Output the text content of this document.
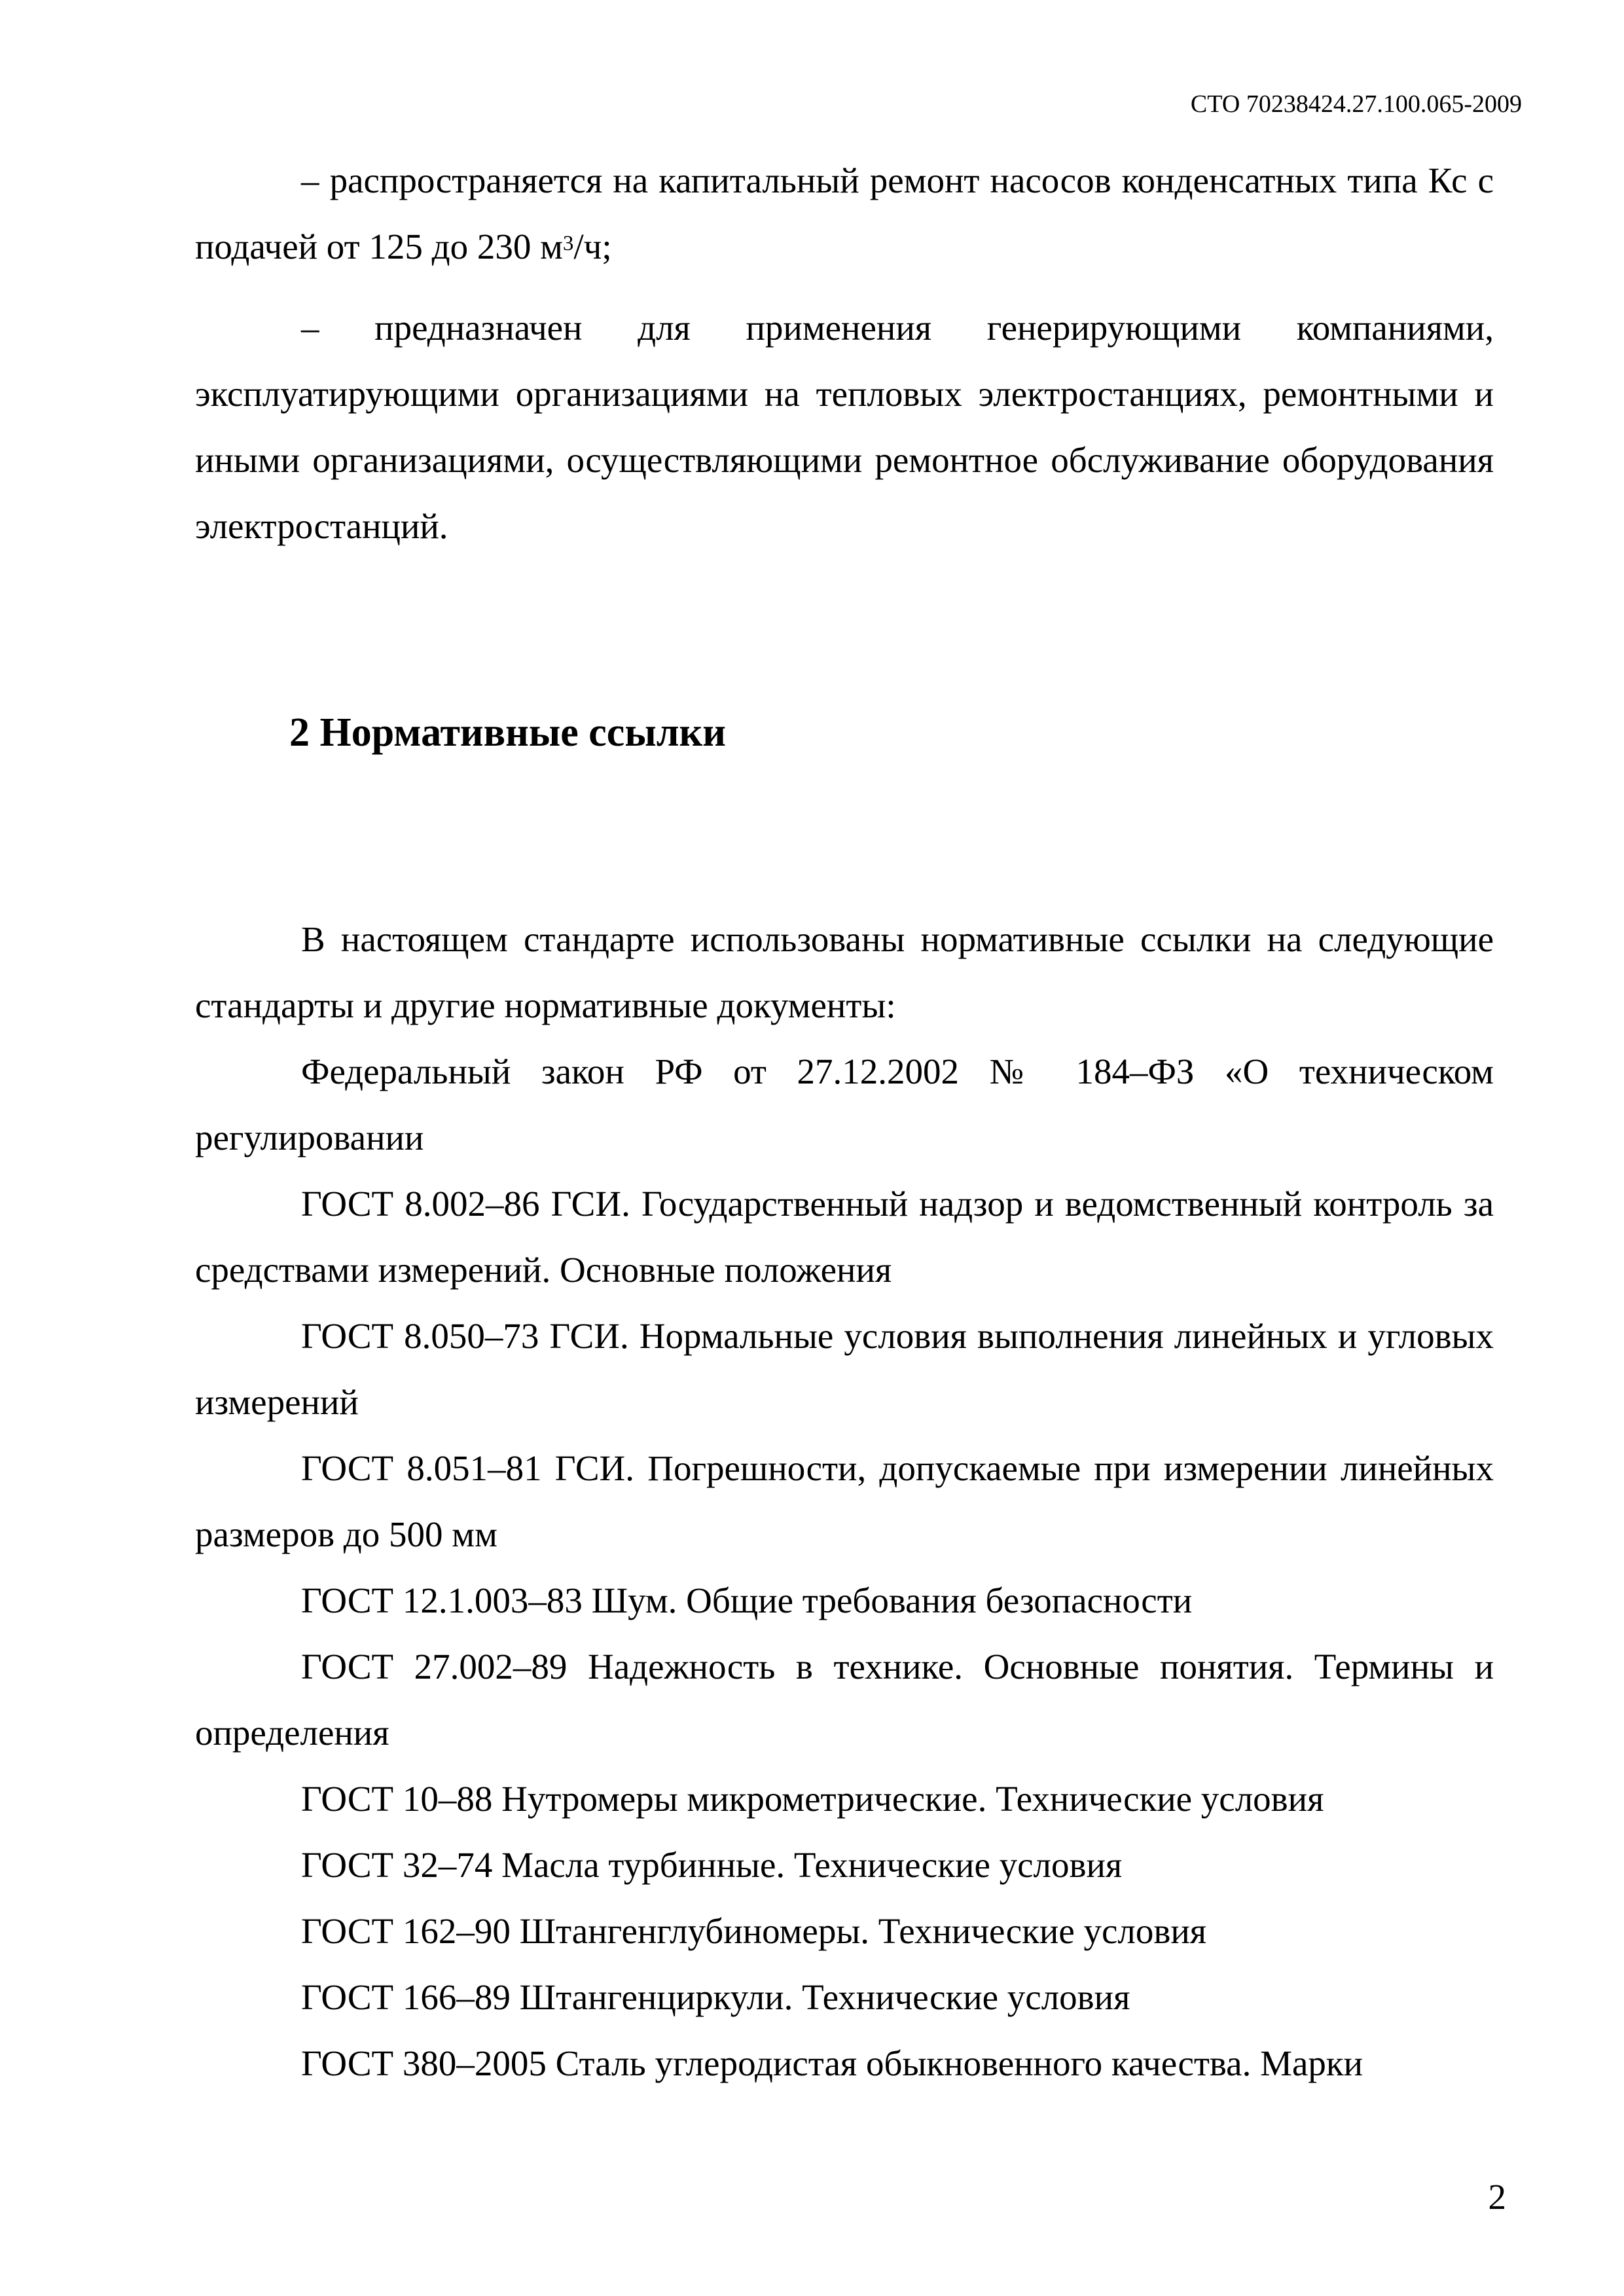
СТО 70238424.27.100.065-2009

– распространяется на капитальный ремонт насосов конденсатных типа Кс с подачей от 125 до 230 $м^3/ч$;

– предназначен для применения генерирующими компаниями, эксплуатирующими организациями на тепловых электростанциях, ремонтными и иными организациями, осуществляющими ремонтное обслуживание оборудования электростанций.

2 Нормативные ссылки

В настоящем стандарте использованы нормативные ссылки на следующие стандарты и другие нормативные документы:

Федеральный закон РФ от 27.12.2002 № 184–ФЗ «О техническом регулировании

ГОСТ 8.002–86 ГСИ. Государственный надзор и ведомственный контроль за средствами измерений. Основные положения

ГОСТ 8.050–73 ГСИ. Нормальные условия выполнения линейных и угловых измерений

ГОСТ 8.051–81 ГСИ. Погрешности, допускаемые при измерении линейных размеров до 500 мм

ГОСТ 12.1.003–83 Шум. Общие требования безопасности

ГОСТ 27.002–89 Надежность в технике. Основные понятия. Термины и определения

ГОСТ 10–88 Нутромеры микрометрические. Технические условия

ГОСТ 32–74 Масла турбинные. Технические условия

ГОСТ 162–90 Штангенглубиномеры. Технические условия

ГОСТ 166–89 Штангенциркули. Технические условия

ГОСТ 380–2005 Сталь углеродистая обыкновенного качества. Марки

2
